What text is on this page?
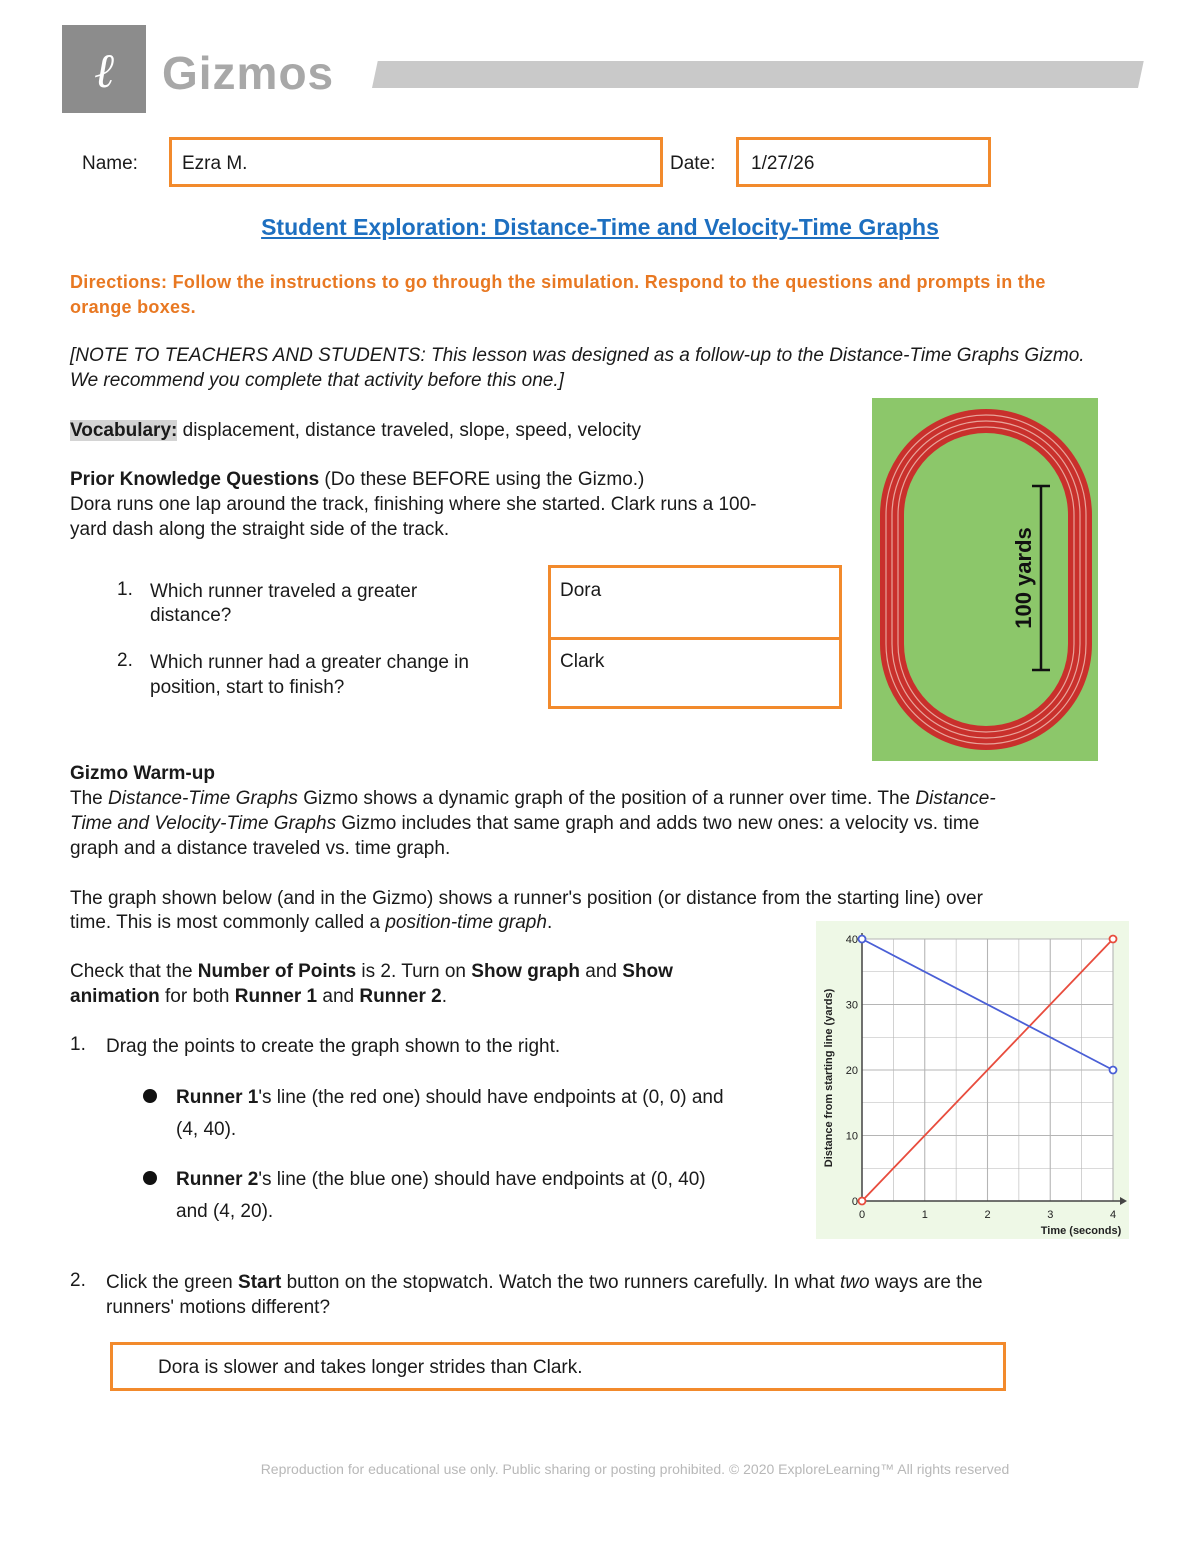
ℓ Gizmos
Name: Ezra M.	Date: 1/27/26
Student Exploration: Distance-Time and Velocity-Time Graphs
Directions: Follow the instructions to go through the simulation. Respond to the questions and prompts in the orange boxes.
[NOTE TO TEACHERS AND STUDENTS: This lesson was designed as a follow-up to the Distance-Time Graphs Gizmo. We recommend you complete that activity before this one.]
Vocabulary: displacement, distance traveled, slope, speed, velocity
Prior Knowledge Questions (Do these BEFORE using the Gizmo.)
Dora runs one lap around the track, finishing where she started. Clark runs a 100-
yard dash along the straight side of the track.
1. Which runner traveled a greater
distance?
2. Which runner had a greater change in
position, start to finish?
Dora
Clark
100 yards
Gizmo Warm-up
The Distance-Time Graphs Gizmo shows a dynamic graph of the position of a runner over time. The Distance-
Time and Velocity-Time Graphs Gizmo includes that same graph and adds two new ones: a velocity vs. time
graph and a distance traveled vs. time graph.
The graph shown below (and in the Gizmo) shows a runner's position (or distance from the starting line) over
time. This is most commonly called a position-time graph.
Check that the Number of Points is 2. Turn on Show graph and Show
animation for both Runner 1 and Runner 2.
1. Drag the points to create the graph shown to the right.
Runner 1's line (the red one) should have endpoints at (0, 0) and
(4, 40).
Runner 2's line (the blue one) should have endpoints at (0, 40)
and (4, 20).	0	1	2	3	4
0
10
20
30
40
Time (seconds)
Distance from starting line (yards)
2. Click the green Start button on the stopwatch. Watch the two runners carefully. In what two ways are the
runners' motions different?
Dora is slower and takes longer strides than Clark.
Reproduction for educational use only. Public sharing or posting prohibited. © 2020 ExploreLearning™ All rights reserved
